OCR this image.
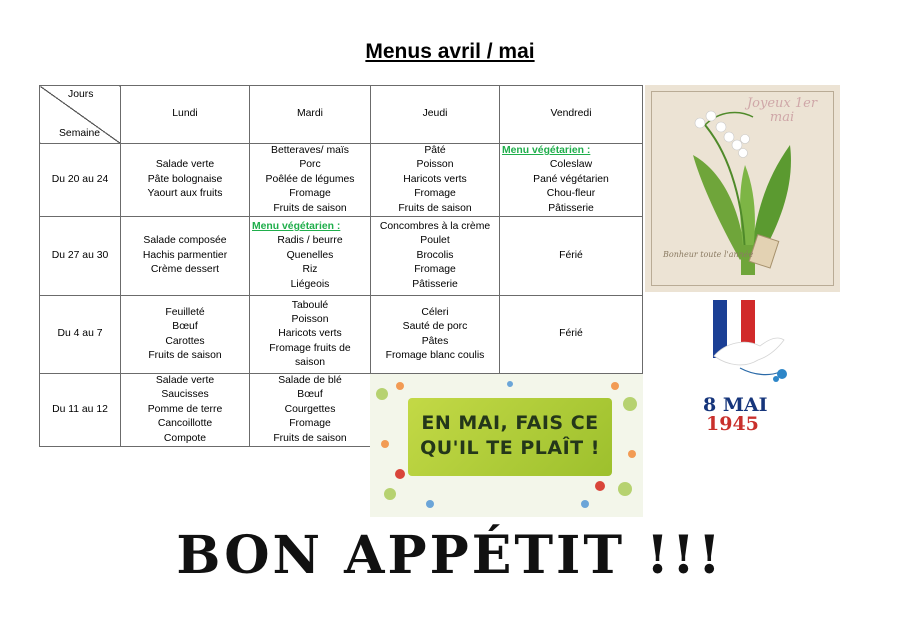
Menus avril / mai
Jours
Semaine	Lundi	Mardi	Jeudi	Vendredi
Du 20 au 24	Salade verte
Pâte bolognaise
Yaourt aux fruits	Betteraves/ maïs
Porc
Poêlée de légumes
Fromage
Fruits de saison	Pâté
Poisson
Haricots verts
Fromage
Fruits de saison	Menu végétarien :
Coleslaw
Pané végétarien
Chou-fleur
Pâtisserie

Du 27 au 30	Salade composée
Hachis parmentier
Crème dessert	Menu végétarien :
Radis / beurre
Quenelles
Riz
Liégeois	Concombres à la crème
Poulet
Brocolis
Fromage
Pâtisserie	Férié

Du 4 au 7	Feuilleté
Bœuf
Carottes
Fruits de saison	Taboulé
Poisson
Haricots verts
Fromage fruits de
saison	Céleri
Sauté de porc
Pâtes
Fromage blanc coulis	Férié

Du 11 au 12	Salade verte
Saucisses
Pomme de terre
Cancoillotte
Compote	Salade de blé
Bœuf
Courgettes
Fromage
Fruits de saison		

Joyeux 1er mai
Bonheur toute l'année
8 MAI
1945
EN MAI, FAIS CE
QU'IL TE PLAÎT !
BON APPÉTIT !!!
